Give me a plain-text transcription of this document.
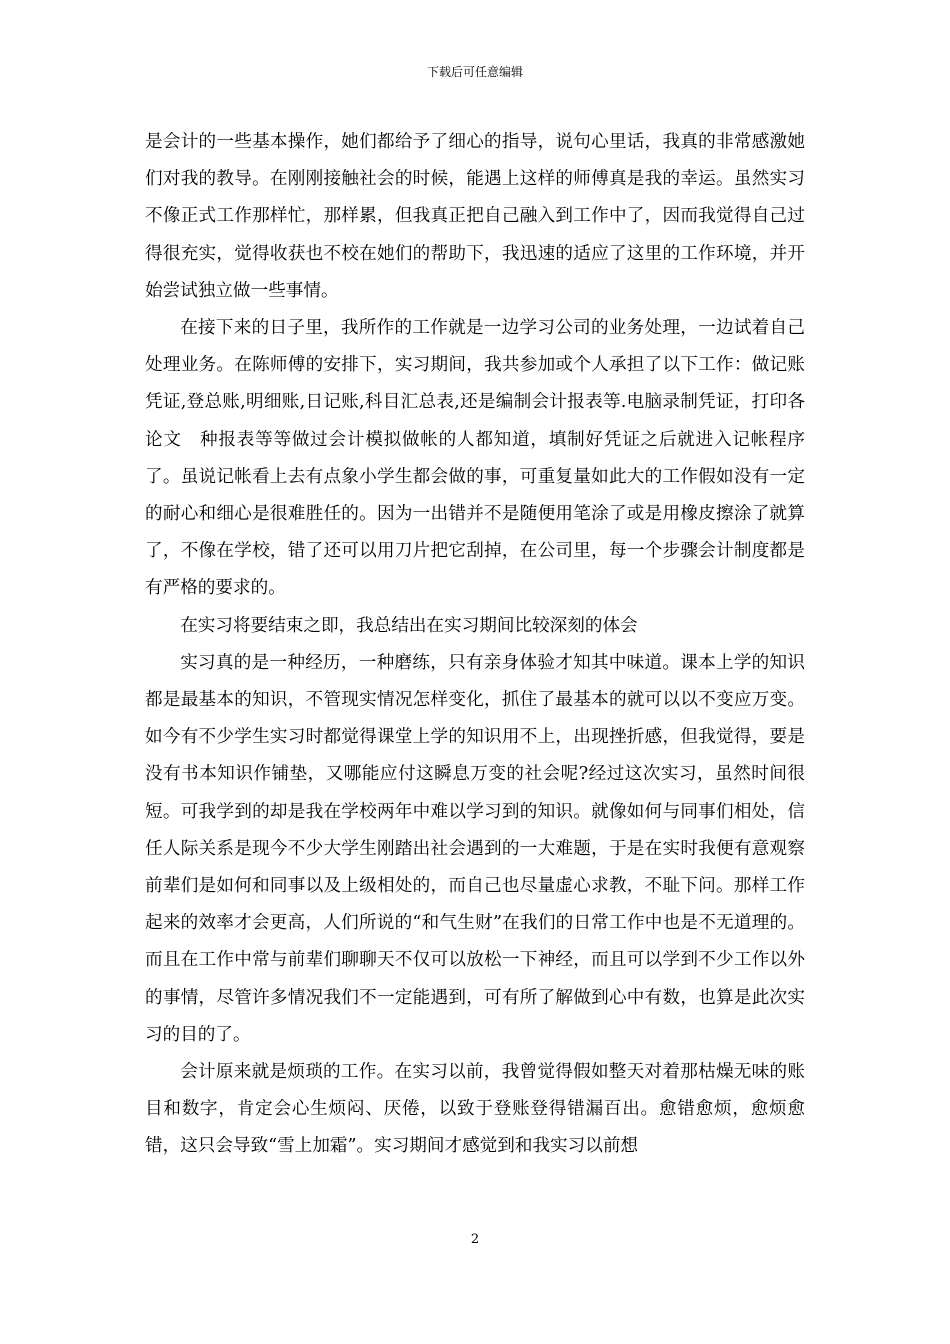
下载后可任意编辑

是会计的一些基本操作，她们都给予了细心的指导，说句心里话，我真的非常感激她们对我的教导。在刚刚接触社会的时候，能遇上这样的师傅真是我的幸运。虽然实习不像正式工作那样忙，那样累，但我真正把自己融入到工作中了，因而我觉得自己过得很充实，觉得收获也不校在她们的帮助下，我迅速的适应了这里的工作环境，并开始尝试独立做一些事情。

在接下来的日子里，我所作的工作就是一边学习公司的业务处理，一边试着自己处理业务。在陈师傅的安排下，实习期间，我共参加或个人承担了以下工作：做记账凭证,登总账,明细账,日记账,科目汇总表,还是编制会计报表等.电脑录制凭证，打印各论文　种报表等等做过会计模拟做帐的人都知道，填制好凭证之后就进入记帐程序了。虽说记帐看上去有点象小学生都会做的事，可重复量如此大的工作假如没有一定的耐心和细心是很难胜任的。因为一出错并不是随便用笔涂了或是用橡皮擦涂了就算了，不像在学校，错了还可以用刀片把它刮掉，在公司里，每一个步骤会计制度都是有严格的要求的。

在实习将要结束之即，我总结出在实习期间比较深刻的体会

实习真的是一种经历，一种磨练，只有亲身体验才知其中味道。课本上学的知识都是最基本的知识，不管现实情况怎样变化，抓住了最基本的就可以以不变应万变。如今有不少学生实习时都觉得课堂上学的知识用不上，出现挫折感，但我觉得，要是没有书本知识作铺垫，又哪能应付这瞬息万变的社会呢?经过这次实习，虽然时间很短。可我学到的却是我在学校两年中难以学习到的知识。就像如何与同事们相处，信任人际关系是现今不少大学生刚踏出社会遇到的一大难题，于是在实时我便有意观察前辈们是如何和同事以及上级相处的，而自己也尽量虚心求教，不耻下问。那样工作起来的效率才会更高，人们所说的“和气生财”在我们的日常工作中也是不无道理的。而且在工作中常与前辈们聊聊天不仅可以放松一下神经，而且可以学到不少工作以外的事情，尽管许多情况我们不一定能遇到，可有所了解做到心中有数，也算是此次实习的目的了。

会计原来就是烦琐的工作。在实习以前，我曾觉得假如整天对着那枯燥无味的账目和数字，肯定会心生烦闷、厌倦，以致于登账登得错漏百出。愈错愈烦，愈烦愈错，这只会导致“雪上加霜”。实习期间才感觉到和我实习以前想

2
